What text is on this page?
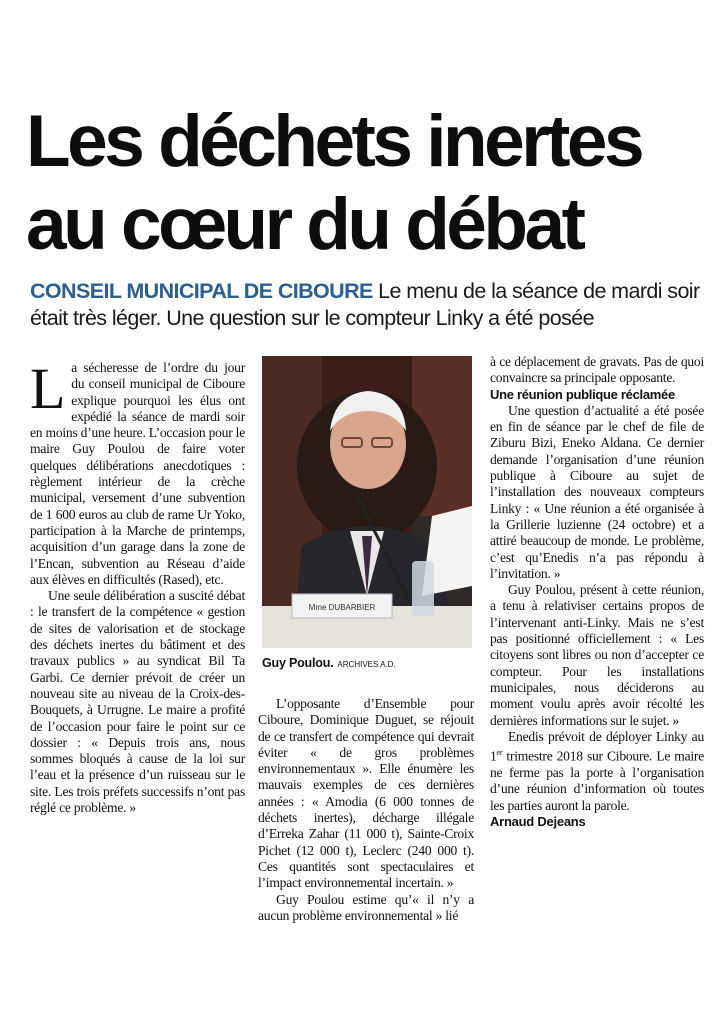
Les déchets inertes
au cœur du débat

CONSEIL MUNICIPAL DE CIBOURE Le menu de la séance de mardi soir était très léger. Une question sur le compteur Linky a été posée

La sécheresse de l’ordre du jour du conseil municipal de Ciboure explique pourquoi les élus ont expédié la séance de mardi soir en moins d’une heure. L’occasion pour le maire Guy Poulou de faire voter quelques délibérations anecdotiques : règlement intérieur de la crèche municipal, versement d’une subvention de 1 600 euros au club de rame Ur Yoko, participation à la Marche de printemps, acquisition d’un garage dans la zone de l’Encan, subvention au Réseau d’aide aux élèves en difficultés (Rased), etc.

Une seule délibération a suscité débat : le transfert de la compétence « gestion de sites de valorisation et de stockage des déchets inertes du bâtiment et des travaux publics » au syndicat Bil Ta Garbi. Ce dernier prévoit de créer un nouveau site au niveau de la Croix-des-Bouquets, à Urrugne. Le maire a profité de l’occasion pour faire le point sur ce dossier : « Depuis trois ans, nous sommes bloqués à cause de la loi sur l’eau et la présence d’un ruisseau sur le site. Les trois préfets successifs n’ont pas réglé ce problème. »

Mme DUBARBIER
Guy Poulou. ARCHIVES A.D.

L’opposante d’Ensemble pour Ciboure, Dominique Duguet, se réjouit de ce transfert de compétence qui devrait éviter « de gros problèmes environnementaux ». Elle énumère les mauvais exemples de ces dernières années : « Amodia (6 000 tonnes de déchets inertes), décharge illégale d’Erreka Zahar (11 000 t), Sainte-Croix Pichet (12 000 t), Leclerc (240 000 t). Ces quantités sont spectaculaires et l’impact environnemental incertain. »

Guy Poulou estime qu’« il n’y a aucun problème environnemental » lié

à ce déplacement de gravats. Pas de quoi convaincre sa principale opposante.

Une réunion publique réclamée

Une question d’actualité a été posée en fin de séance par le chef de file de Ziburu Bizi, Eneko Aldana. Ce dernier demande l’organisation d’une réunion publique à Ciboure au sujet de l’installation des nouveaux compteurs Linky : « Une réunion a été organisée à la Grillerie luzienne (24 octobre) et a attiré beaucoup de monde. Le problème, c’est qu’Enedis n’a pas répondu à l’invitation. »

Guy Poulou, présent à cette réunion, a tenu à relativiser certains propos de l’intervenant anti-Linky. Mais ne s’est pas positionné officiellement : « Les citoyens sont libres ou non d’accepter ce compteur. Pour les installations municipales, nous déciderons au moment voulu après avoir récolté les dernières informations sur le sujet. »

Enedis prévoit de déployer Linky au 1er trimestre 2018 sur Ciboure. Le maire ne ferme pas la porte à l’organisation d’une réunion d’information où toutes les parties auront la parole.

Arnaud Dejeans
